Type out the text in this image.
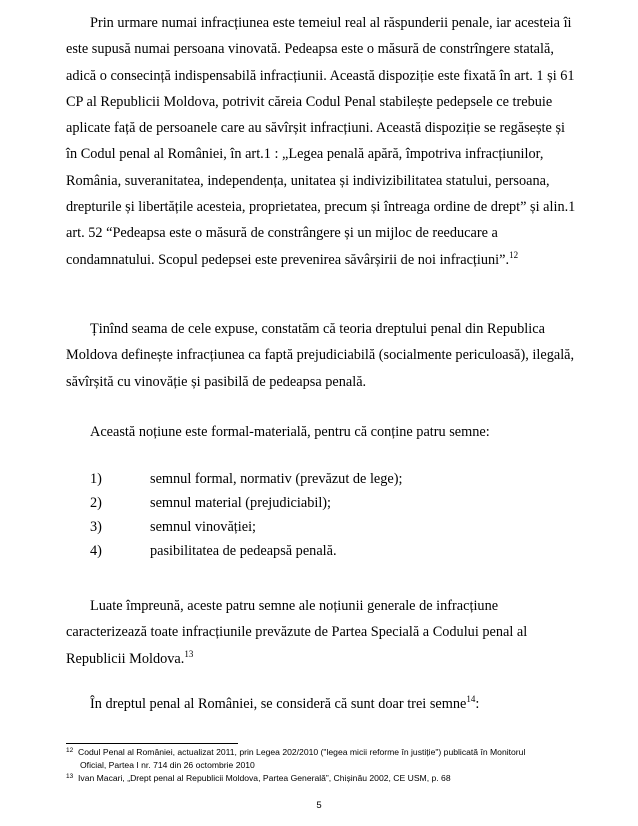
Prin urmare numai infracțiunea este temeiul real al răspunderii penale, iar acesteia îi
este supusă numai persoana vinovată. Pedeapsa este o măsură de constrîngere statală,
adică o consecință indispensabilă infracțiunii. Această dispoziție este fixată în art. 1 și 61
CP al Republicii Moldova, potrivit căreia Codul Penal stabilește pedepsele ce trebuie
aplicate față de persoanele care au săvîrșit infracțiuni. Această dispoziție se regăsește și
în Codul penal al României, în art.1 : „Legea penală apără, împotriva infracțiunilor,
România, suveranitatea, independența, unitatea și indivizibilitatea statului, persoana,
drepturile și libertățile acesteia, proprietatea, precum și întreaga ordine de drept” și alin.1
art. 52 “Pedeapsa este o măsură de constrângere și un mijloc de reeducare a
condamnatului. Scopul pedepsei este prevenirea săvârșirii de noi infracțiuni”.$^{12}$
Ținînd seama de cele expuse, constatăm că teoria dreptului penal din Republica
Moldova definește infracțiunea ca faptă prejudiciabilă (socialmente periculoasă), ilegală,
săvîrșită cu vinovăție și pasibilă de pedeapsa penală.
Această noțiune este formal-materială, pentru că conține patru semne:
1)	semnul formal, normativ (prevăzut de lege);
2)	semnul material (prejudiciabil);
3)	semnul vinovăției;
4)	pasibilitatea de pedeapsă penală.
Luate împreună, aceste patru semne ale noțiunii generale de infracțiune
caracterizează toate infracțiunile prevăzute de Partea Specială a Codului penal al
Republicii Moldova.$^{13}$
În dreptul penal al României, se consideră că sunt doar trei semne$^{14}$:
$^{12}$ Codul Penal al României, actualizat 2011, prin Legea 202/2010 ("legea micii reforme în justiție") publicată în Monitorul
Oficial, Partea I nr. 714 din 26 octombrie 2010
$^{13}$ Ivan Macari, „Drept penal al Republicii Moldova, Partea Generală”, Chișinău 2002, CE USM, p. 68
5
